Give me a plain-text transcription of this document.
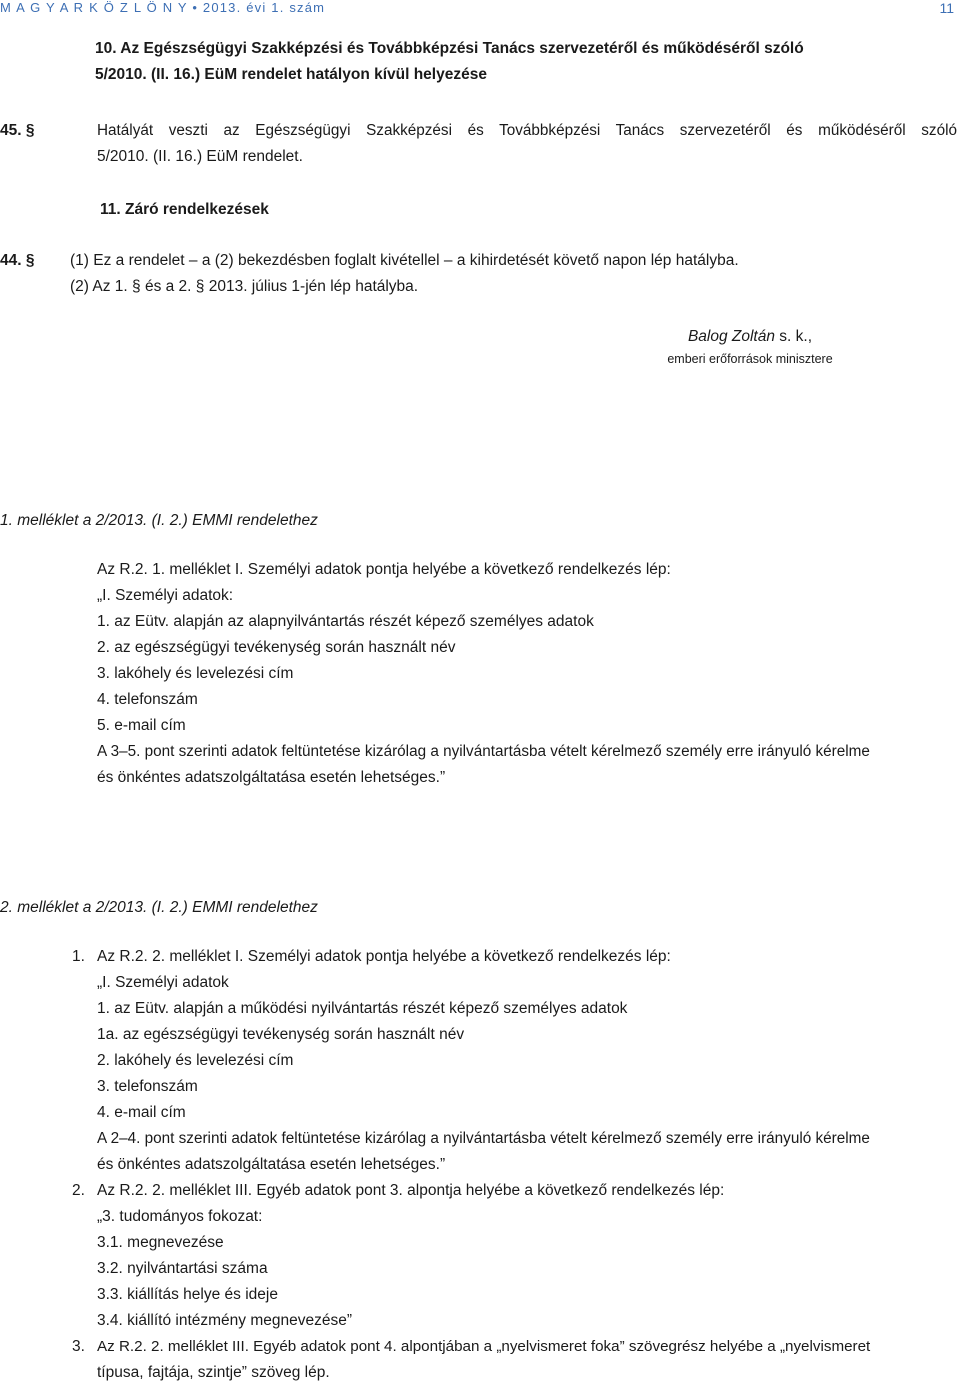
M A G Y A R K Ö Z L Ö N Y • 2013. évi 1. szám	11
10. Az Egészségügyi Szakképzési és Továbbképzési Tanács szervezetéről és működéséről szóló
5/2010. (II. 16.) EüM rendelet hatályon kívül helyezése
45. §	Hatályát veszti az Egészségügyi Szakképzési és Továbbképzési Tanács szervezetéről és működéséről szóló
5/2010. (II. 16.) EüM rendelet.
11. Záró rendelkezések
44. § (1) Ez a rendelet – a (2) bekezdésben foglalt kivétellel – a kihirdetését követő napon lép hatályba.
(2) Az 1. § és a 2. § 2013. július 1-jén lép hatályba.
Balog Zoltán s. k.,
emberi erőforrások minisztere
1. melléklet a 2/2013. (I. 2.) EMMI rendelethez
Az R.2. 1. melléklet I. Személyi adatok pontja helyébe a következő rendelkezés lép:
„I. Személyi adatok:
1. az Eütv. alapján az alapnyilvántartás részét képező személyes adatok
2. az egészségügyi tevékenység során használt név
3. lakóhely és levelezési cím
4. telefonszám
5. e-mail cím
A 3–5. pont szerinti adatok feltüntetése kizárólag a nyilvántartásba vételt kérelmező személy erre irányuló kérelme
és önkéntes adatszolgáltatása esetén lehetséges.”
2. melléklet a 2/2013. (I. 2.) EMMI rendelethez
1. Az R.2. 2. melléklet I. Személyi adatok pontja helyébe a következő rendelkezés lép:
„I. Személyi adatok
1. az Eütv. alapján a működési nyilvántartás részét képező személyes adatok
1a. az egészségügyi tevékenység során használt név
2. lakóhely és levelezési cím
3. telefonszám
4. e-mail cím
A 2–4. pont szerinti adatok feltüntetése kizárólag a nyilvántartásba vételt kérelmező személy erre irányuló kérelme
és önkéntes adatszolgáltatása esetén lehetséges.”
2. Az R.2. 2. melléklet III. Egyéb adatok pont 3. alpontja helyébe a következő rendelkezés lép:
„3. tudományos fokozat:
3.1. megnevezése
3.2. nyilvántartási száma
3.3. kiállítás helye és ideje
3.4. kiállító intézmény megnevezése”
3. Az R.2. 2. melléklet III. Egyéb adatok pont 4. alpontjában a „nyelvismeret foka” szövegrész helyébe a „nyelvismeret
típusa, fajtája, szintje” szöveg lép.
